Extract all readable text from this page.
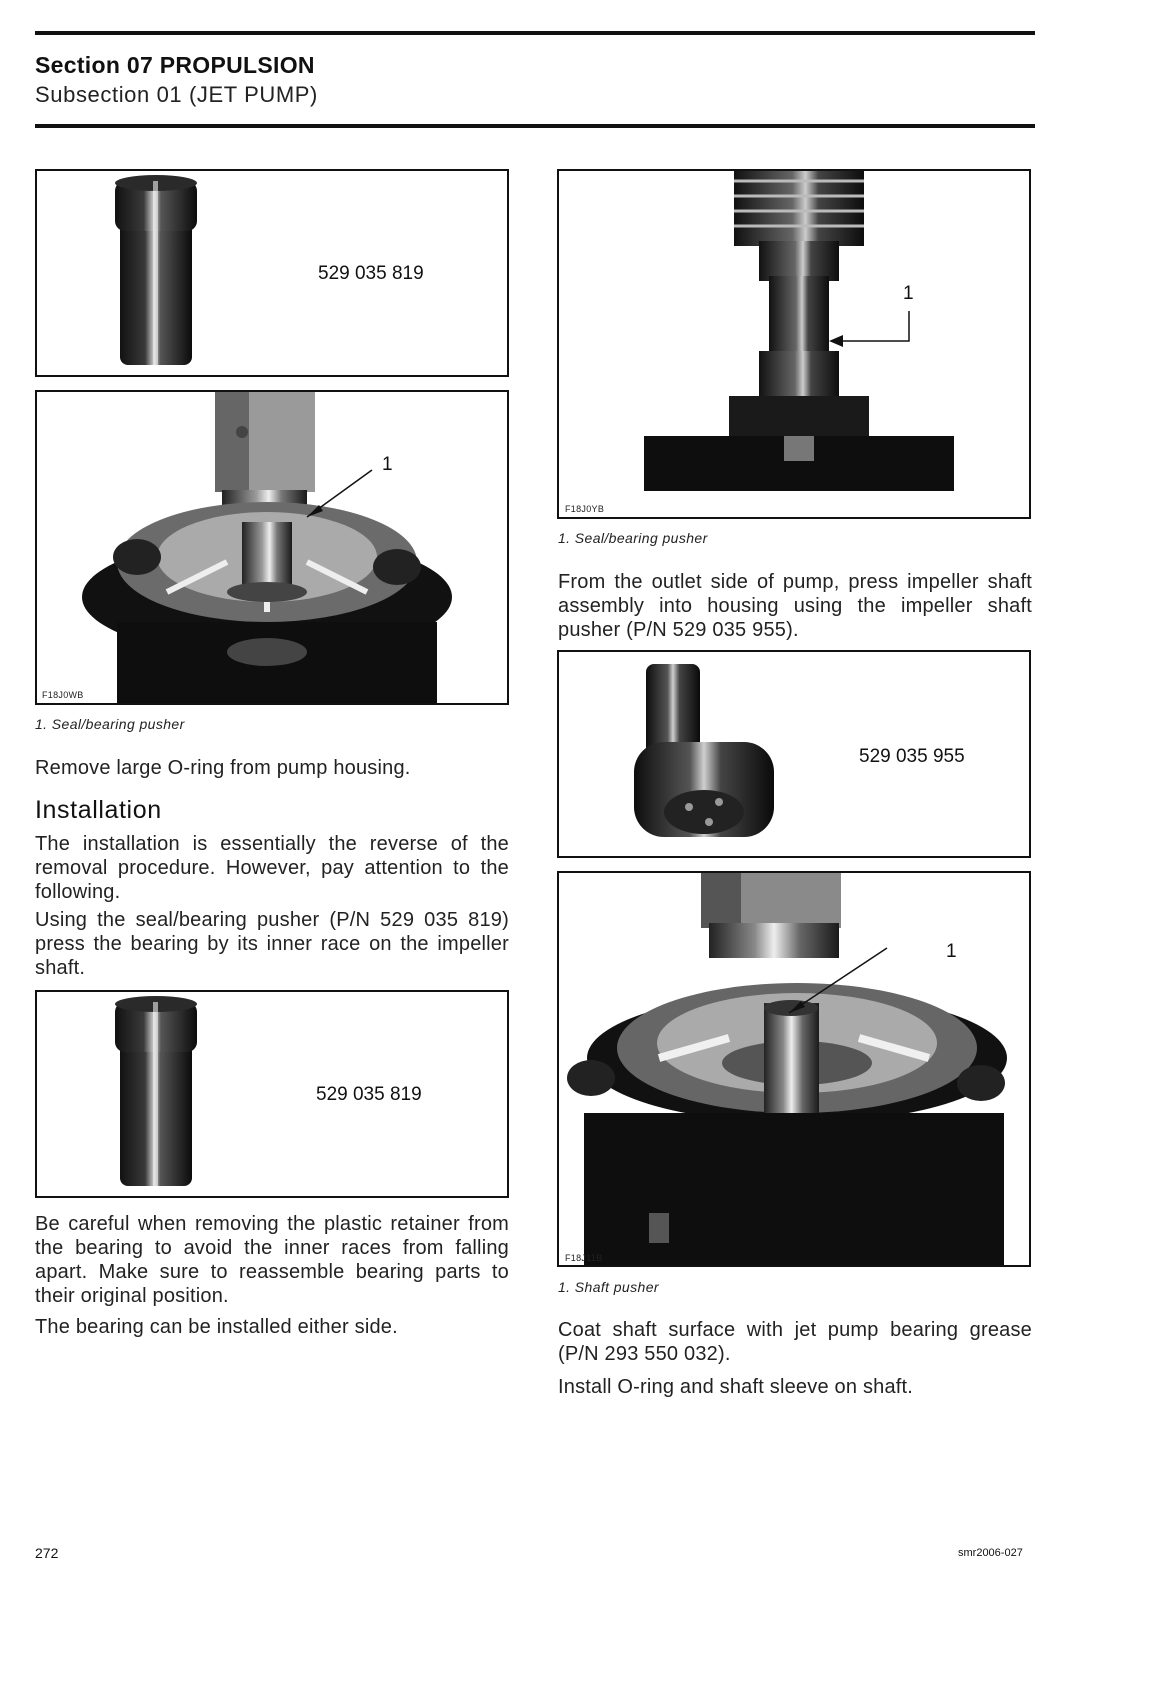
Section 07 PROPULSION
Subsection 01 (JET PUMP)
529 035 819
1
F18J0WB
1. Seal/bearing pusher
Remove large O-ring from pump housing.
Installation
The installation is essentially the reverse of the removal procedure. However, pay attention to the following.
Using the seal/bearing pusher (P/N 529 035 819) press the bearing by its inner race on the impeller shaft.
529 035 819
Be careful when removing the plastic retainer from the bearing to avoid the inner races from falling apart. Make sure to reassemble bearing parts to their original position.
The bearing can be installed either side.
1
F18J0YB
1. Seal/bearing pusher
From the outlet side of pump, press impeller shaft assembly into housing using the impeller shaft pusher (P/N 529 035 955).
529 035 955
1
F18J11B
1. Shaft pusher
Coat shaft surface with jet pump bearing grease (P/N 293 550 032).
Install O-ring and shaft sleeve on shaft.
272	smr2006-027
